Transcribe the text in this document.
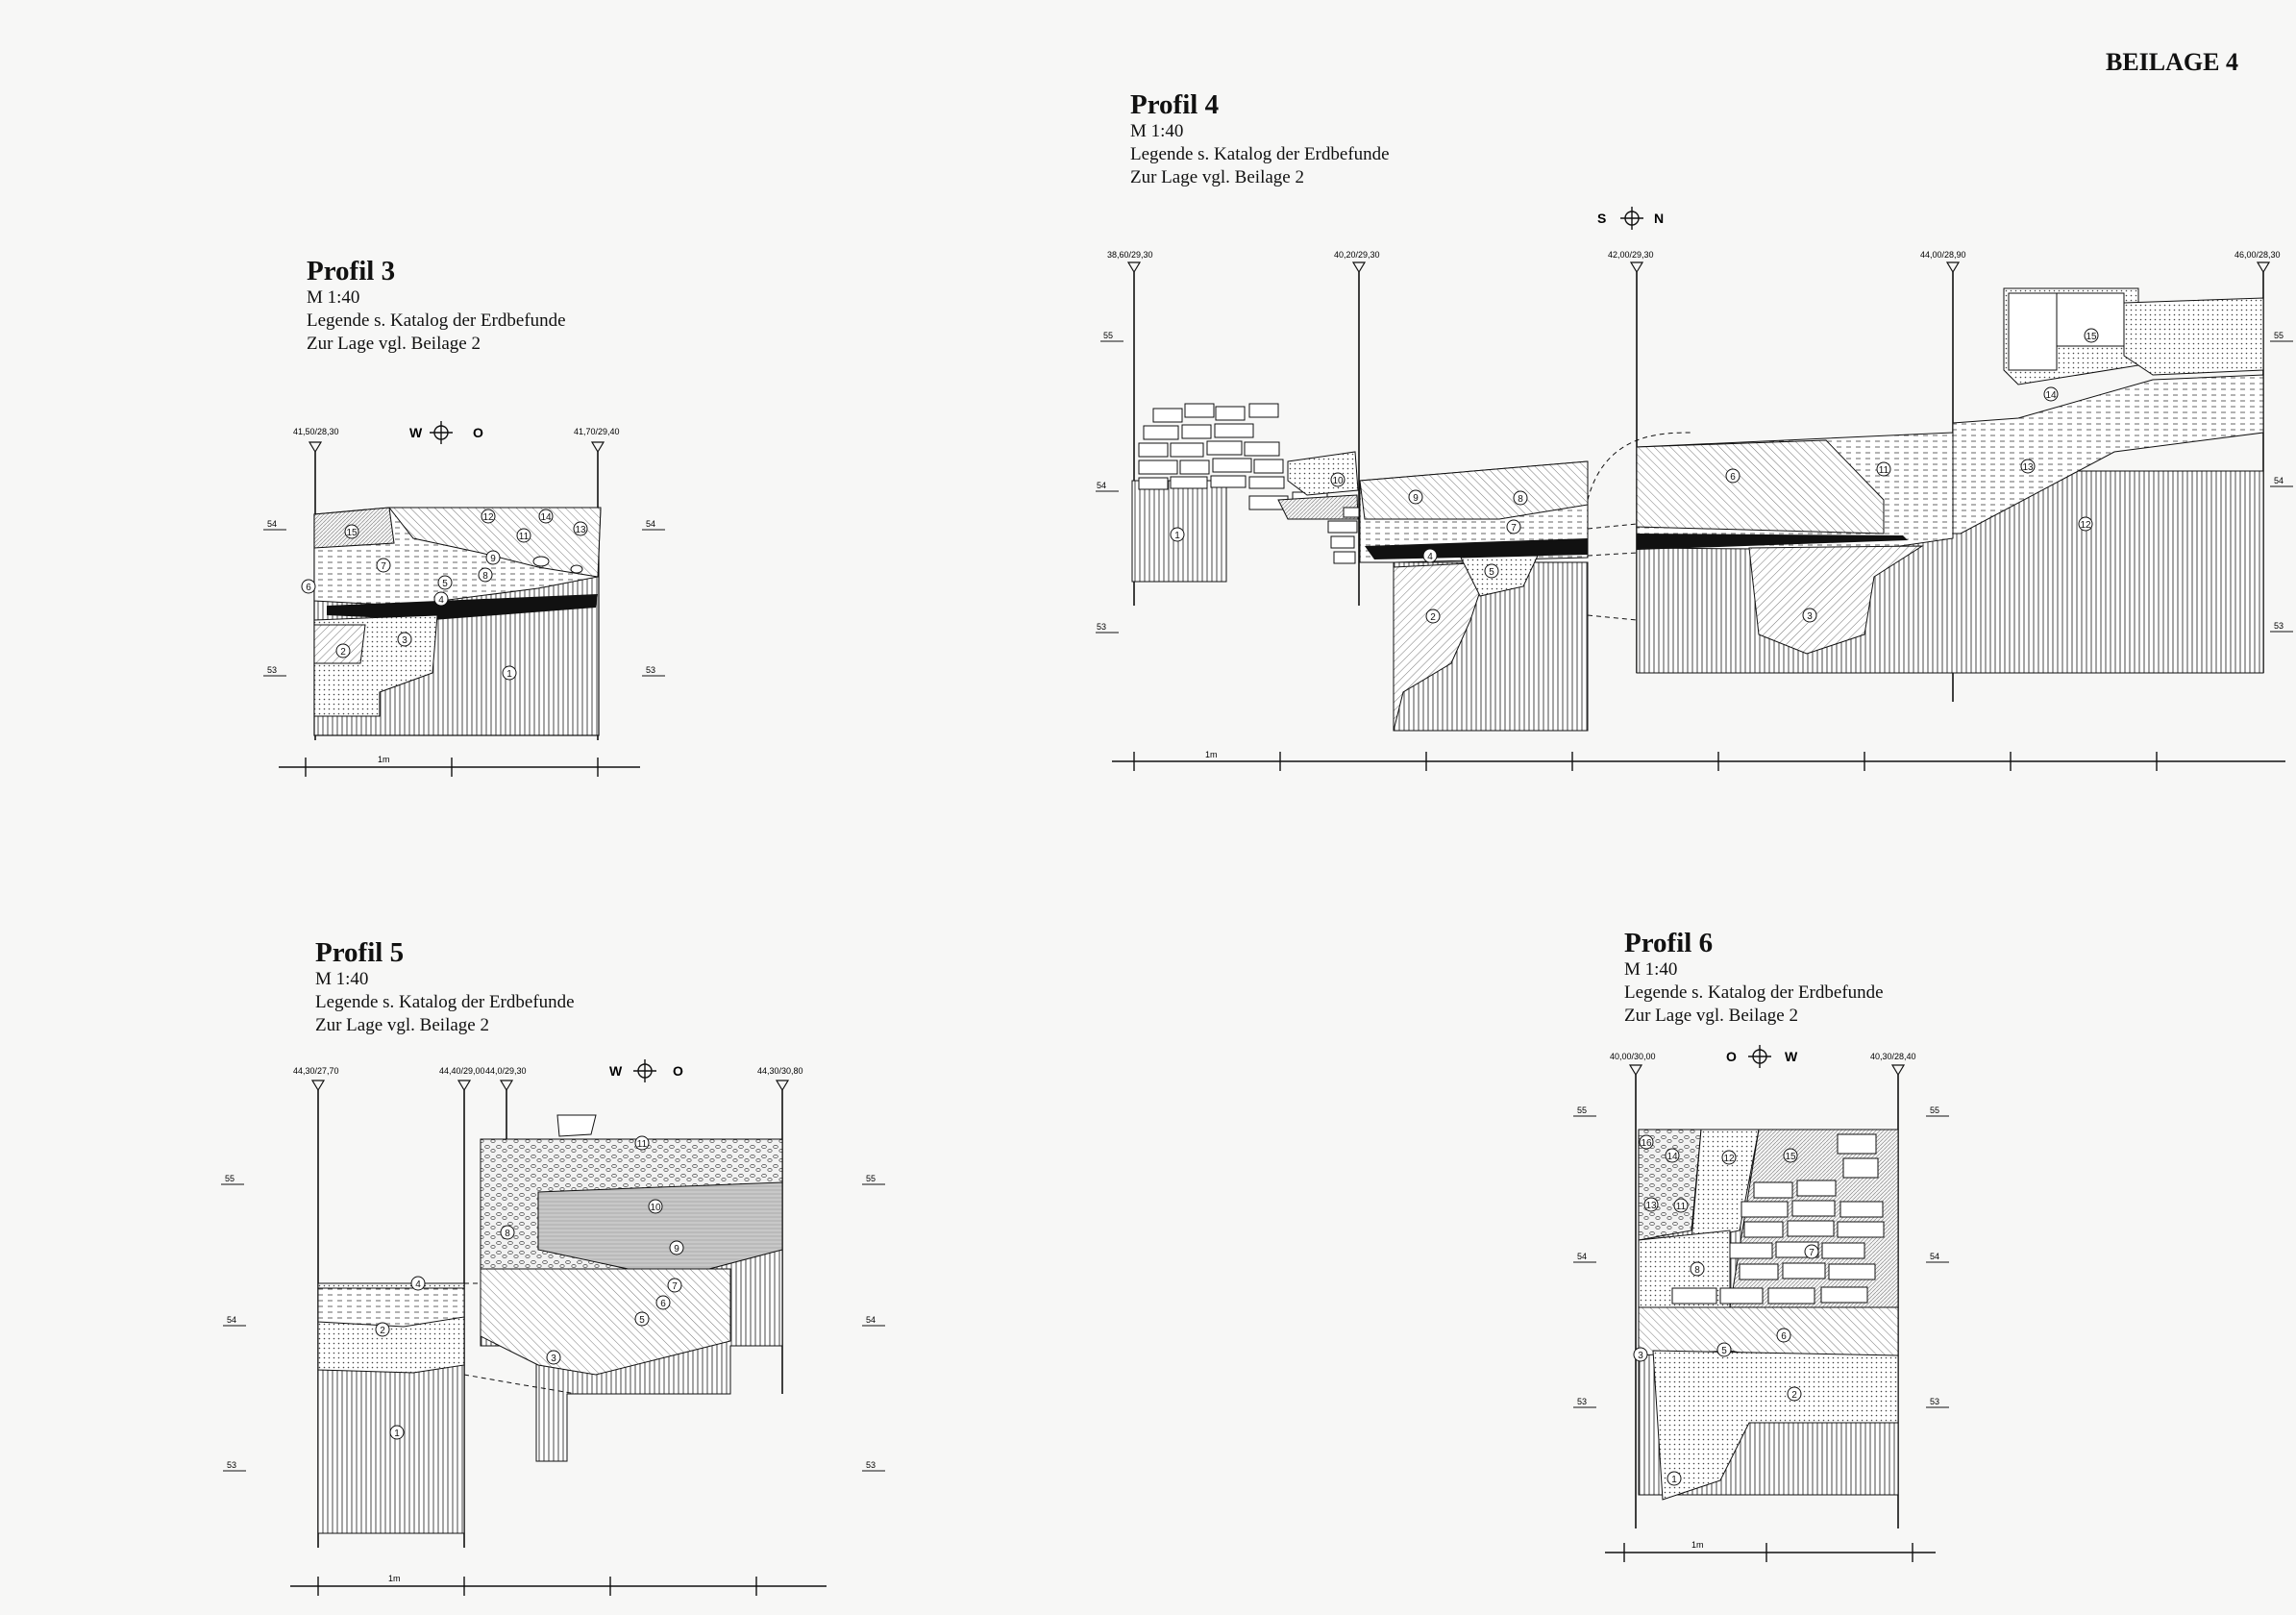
BEILAGE 4
Profil 3
M 1:40
Legende s. Katalog der Erdbefunde
Zur Lage vgl. Beilage 2
Profil 4
M 1:40
Legende s. Katalog der Erdbefunde
Zur Lage vgl. Beilage 2
Profil 5
M 1:40
Legende s. Katalog der Erdbefunde
Zur Lage vgl. Beilage 2
Profil 6
M 1:40
Legende s. Katalog der Erdbefunde
Zur Lage vgl. Beilage 2
41,50/28,30	41,70/29,40
W	O
54	54
53	53
1
2
3
4
5
6
7
8
9
11
12
13
14
15
1m
S	N
38,60/29,30	40,20/29,30	42,00/29,30	44,00/28,90	46,00/28,30
55
54
53
55
54
53
1
2	3
4
5
6
7
8
9
10
11
12
13
14
15
1m
44,30/27,70	44,40/29,00 44,0/29,30	44,30/30,80
W	O
55
54
53
55
54
53
1
2
3
4
5
6
7
8
9
10
11
1m
40,00/30,00	40,30/28,40
O	W
55
54
53
55
54
53
1
2
3	5
6
7
8
11
12
13
14	15
16
1m
